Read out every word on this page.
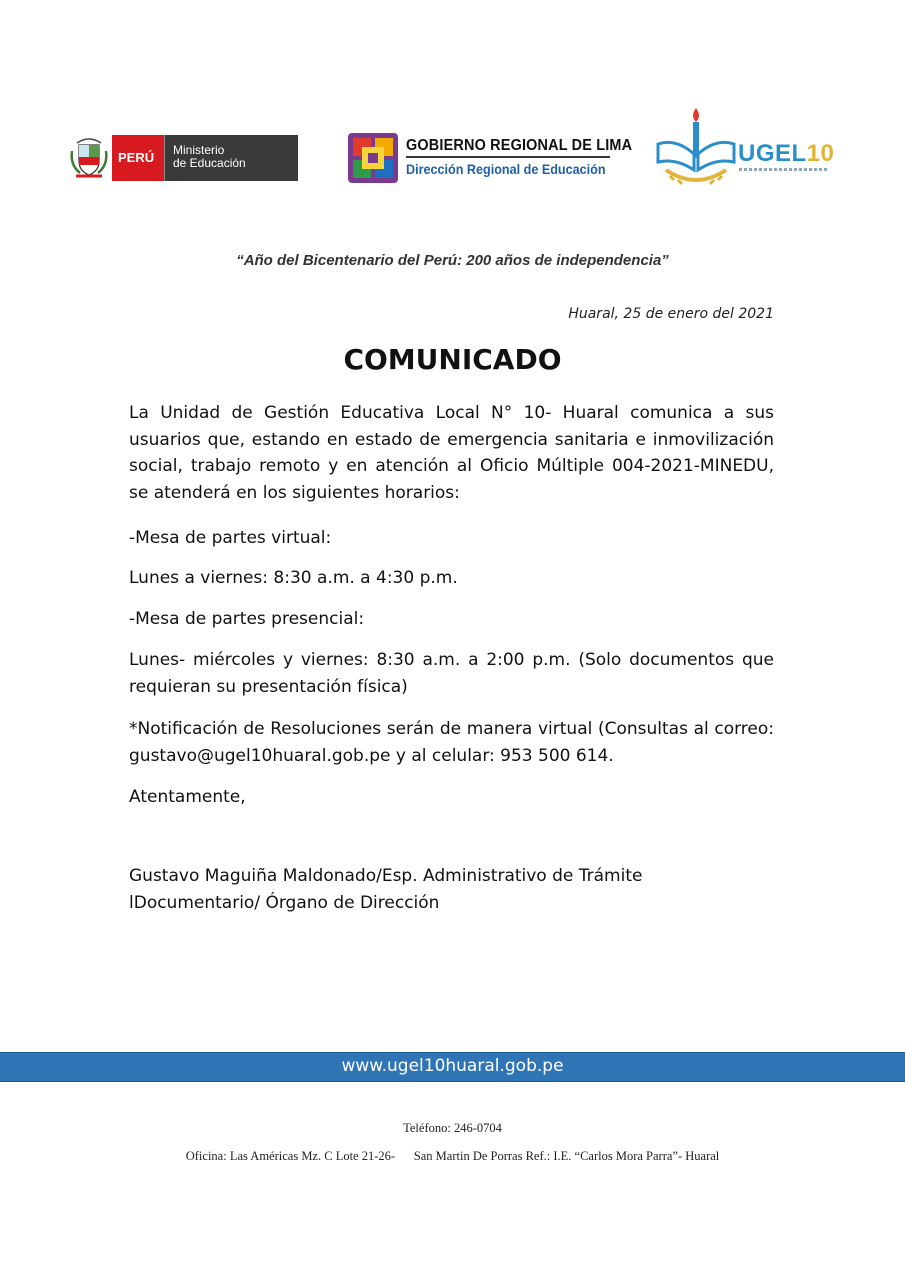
PERÚ	Ministerio
de Educación
GOBIERNO REGIONAL DE LIMA
Dirección Regional de Educación
UGEL10
“Año del Bicentenario del Perú: 200 años de independencia”
Huaral, 25 de enero del 2021
COMUNICADO
La Unidad de Gestión Educativa Local N° 10- Huaral comunica a sus usuarios que, estando en estado de emergencia sanitaria e inmovilización social, trabajo remoto y en atención al Oficio Múltiple 004-2021-MINEDU, se atenderá en los siguientes horarios:
-Mesa de partes virtual:
Lunes a viernes: 8:30 a.m. a 4:30 p.m.
-Mesa de partes presencial:
Lunes- miércoles y viernes: 8:30 a.m. a 2:00 p.m. (Solo documentos que requieran su presentación física)
*Notificación de Resoluciones serán de manera virtual (Consultas al correo: gustavo@ugel10huaral.gob.pe y al celular: 953 500 614.
Atentamente,
Gustavo Maguiña Maldonado/Esp. Administrativo de Trámite
lDocumentario/ Órgano de Dirección
www.ugel10huaral.gob.pe
Teléfono: 246-0704
Oficina: Las Américas Mz. C Lote 21-26-      San Martin De Porras Ref.: I.E. “Carlos Mora Parra”- Huaral
